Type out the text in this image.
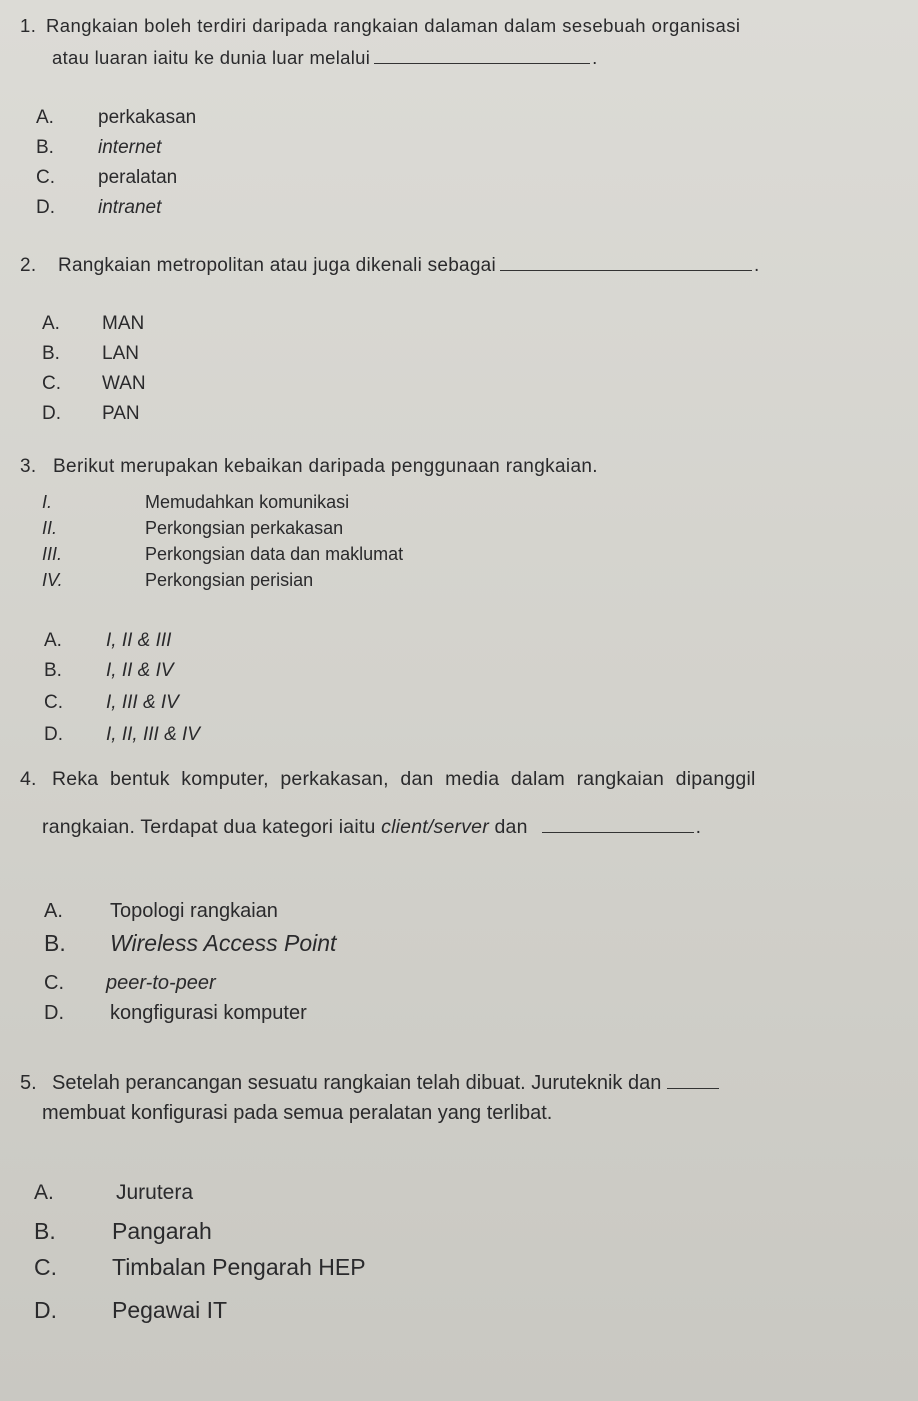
1. Rangkaian boleh terdiri daripada rangkaian dalaman dalam sesebuah organisasi
atau luaran iaitu ke dunia luar melalui	.
A. perkakasan
B. internet
C. peralatan
D. intranet
2. Rangkaian metropolitan atau juga dikenali sebagai	.
A. MAN
B. LAN
C. WAN
D. PAN
3. Berikut merupakan kebaikan daripada penggunaan rangkaian.
I.	Memudahkan komunikasi
II.	Perkongsian perkakasan
III.	Perkongsian data dan maklumat
IV.	Perkongsian perisian
A. I, II & III
B. I, II & IV
C. I, III & IV
D. I, II, III & IV
4. Reka bentuk komputer, perkakasan, dan media dalam rangkaian dipanggil
rangkaian. Terdapat dua kategori iaitu client/server dan	.
A. Topologi rangkaian
B. Wireless Access Point
C. peer-to-peer
D. kongfigurasi komputer
5. Setelah perancangan sesuatu rangkaian telah dibuat. Juruteknik dan
membuat konfigurasi pada semua peralatan yang terlibat.
A.	Jurutera
B. Pangarah
C. Timbalan Pengarah HEP
D. Pegawai IT
